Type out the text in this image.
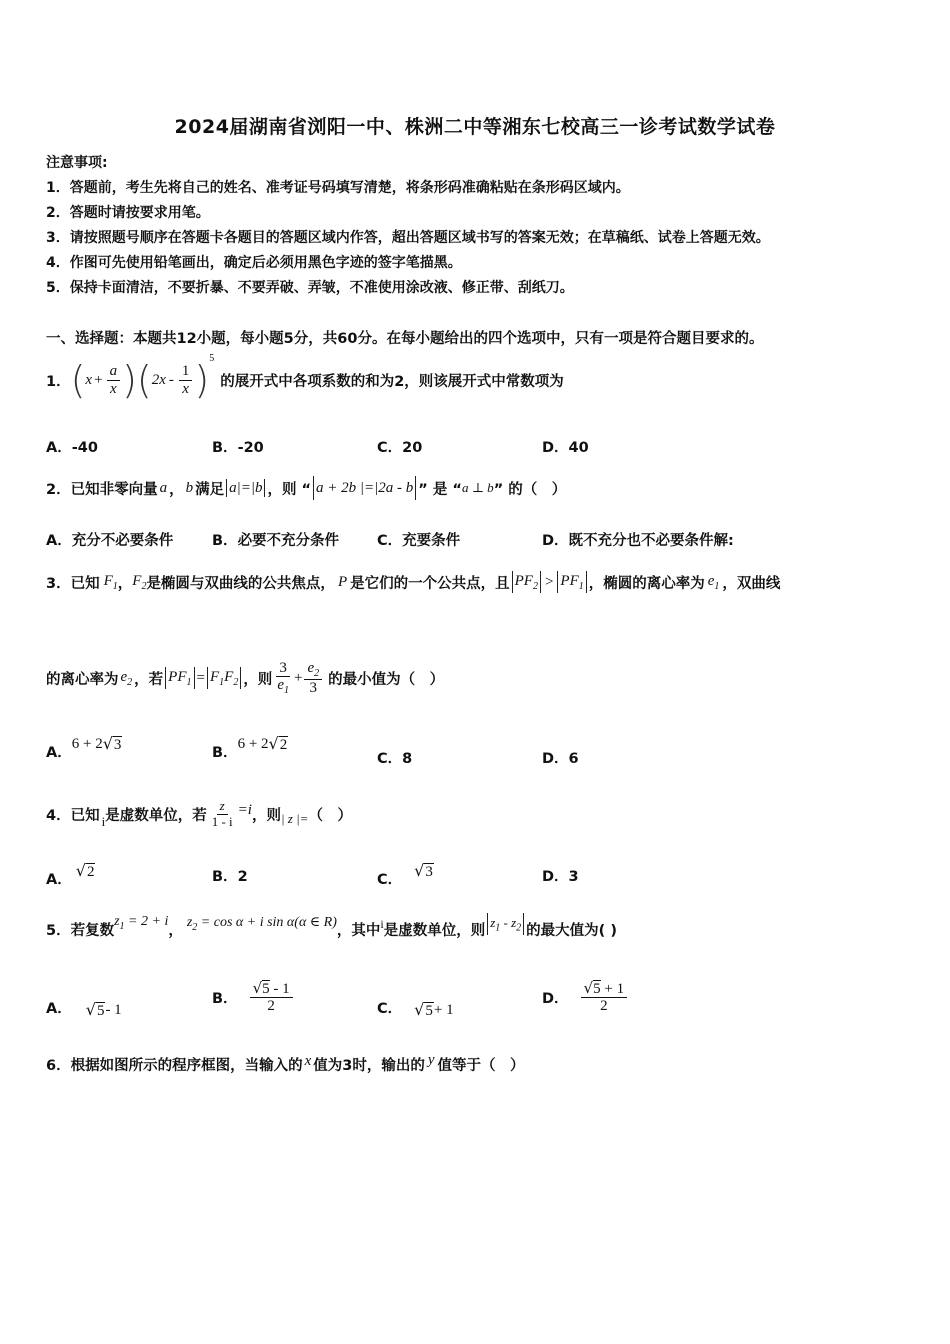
2024届湖南省浏阳一中、株洲二中等湘东七校高三一诊考试数学试卷
注意事项:
1．答题前，考生先将自己的姓名、准考证号码填写清楚，将条形码准确粘贴在条形码区域内。
2．答题时请按要求用笔。
3．请按照题号顺序在答题卡各题目的答题区域内作答，超出答题区域书写的答案无效；在草稿纸、试卷上答题无效。
4．作图可先使用铅笔画出，确定后必须用黑色字迹的签字笔描黑。
5．保持卡面清洁，不要折暴、不要弄破、弄皱，不准使用涂改液、修正带、刮纸刀。
一、选择题：本题共12小题，每小题5分，共60分。在每小题给出的四个选项中，只有一项是符合题目要求的。
1． ( $x + \frac{a}{x}$ ) ( $2x - \frac{1}{x}$ ) 5
的展开式中各项系数的和为2，则该展开式中常数项为
A．-40	B．-20	C．20	D．40
2．已知非零向量 a ， b 满足 a|=|b ，则 “ a + 2b |=|2a - b ” 是 “ a ⊥ b ” 的（　）
A．充分不必要条件	B．必要不充分条件	C．充要条件	D．既不充分也不必要条件解:
3．已知 $F_1$ ， $F_2$ 是椭圆与双曲线的公共焦点， P 是它们的一个公共点，且 $PF_2 > PF_1$ ，椭圆的离心率为 $e_1$ ，双曲线
的离心率为 $e_2$ ，若 $PF_1 = F_1F_2$ ，则 $\frac{3}{e_1} + \frac{e_2}{3}$ 的最小值为（　）
A．
6 + 2 √3	B．
6 + 2 √2
C．8	D．6
4．已知 i 是虚数单位，若 $\frac{z}{1 - i} =i$ ，则 | z |= （　）
A． √2	B．2	C． √3	D．3
5．若复数
$z_1 = 2 + i$
，
$z_2 = \cos \alpha + i$ sin α(α ∈ R)
，其中 i 是虚数单位，则
$z_1 - z_2$ 的最大值为( )
A． √5 - 1
B． $\frac{√5 - 1}{2}$	C． √5 + 1
D． $\frac{√5 + 1}{2}$
6．根据如图所示的程序框图，当输入的 x 值为3时，输出的 y 值等于（　）
